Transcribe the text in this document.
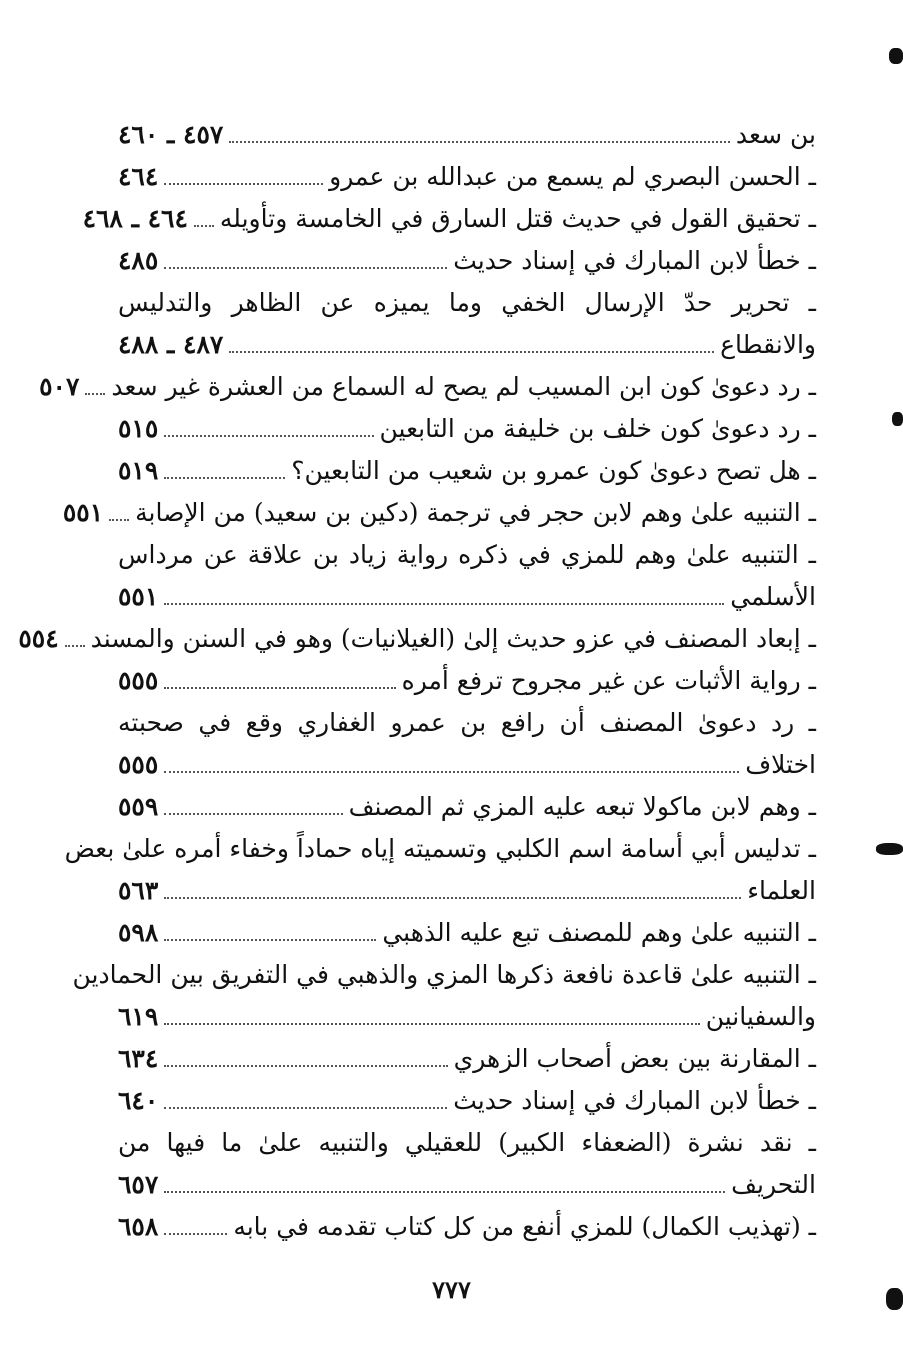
بن سعد
٤٥٧ ـ ٤٦٠
ـ الحسن البصري لم يسمع من عبدالله بن عمرو
٤٦٤
ـ تحقيق القول في حديث قتل السارق في الخامسة وتأويله
٤٦٤ ـ ٤٦٨
ـ خطأ لابن المبارك في إسناد حديث
٤٨٥
ـ تحرير حدّ الإرسال الخفي وما يميزه عن الظاهر والتدليس
والانقطاع
٤٨٧ ـ ٤٨٨
ـ رد دعوىٰ كون ابن المسيب لم يصح له السماع من العشرة غير سعد
٥٠٧
ـ رد دعوىٰ كون خلف بن خليفة من التابعين
٥١٥
ـ هل تصح دعوىٰ كون عمرو بن شعيب من التابعين؟
٥١٩
ـ التنبيه علىٰ وهم لابن حجر في ترجمة (دكين بن سعيد) من الإصابة
٥٥١
ـ التنبيه علىٰ وهم للمزي في ذكره رواية زياد بن علاقة عن مرداس
الأسلمي
٥٥١
ـ إبعاد المصنف في عزو حديث إلىٰ (الغيلانيات) وهو في السنن والمسند
٥٥٤
ـ رواية الأثبات عن غير مجروح ترفع أمره
٥٥٥
ـ رد دعوىٰ المصنف أن رافع بن عمرو الغفاري وقع في صحبته
اختلاف
٥٥٥
ـ وهم لابن ماكولا تبعه عليه المزي ثم المصنف
٥٥٩
ـ تدليس أبي أسامة اسم الكلبي وتسميته إياه حماداً وخفاء أمره علىٰ بعض
العلماء
٥٦٣
ـ التنبيه علىٰ وهم للمصنف تبع عليه الذهبي
٥٩٨
ـ التنبيه علىٰ قاعدة نافعة ذكرها المزي والذهبي في التفريق بين الحمادين
والسفيانين
٦١٩
ـ المقارنة بين بعض أصحاب الزهري
٦٣٤
ـ خطأ لابن المبارك في إسناد حديث
٦٤٠
ـ نقد نشرة (الضعفاء الكبير) للعقيلي والتنبيه علىٰ ما فيها من
التحريف
٦٥٧
ـ (تهذيب الكمال) للمزي أنفع من كل كتاب تقدمه في بابه
٦٥٨
٧٧٧
